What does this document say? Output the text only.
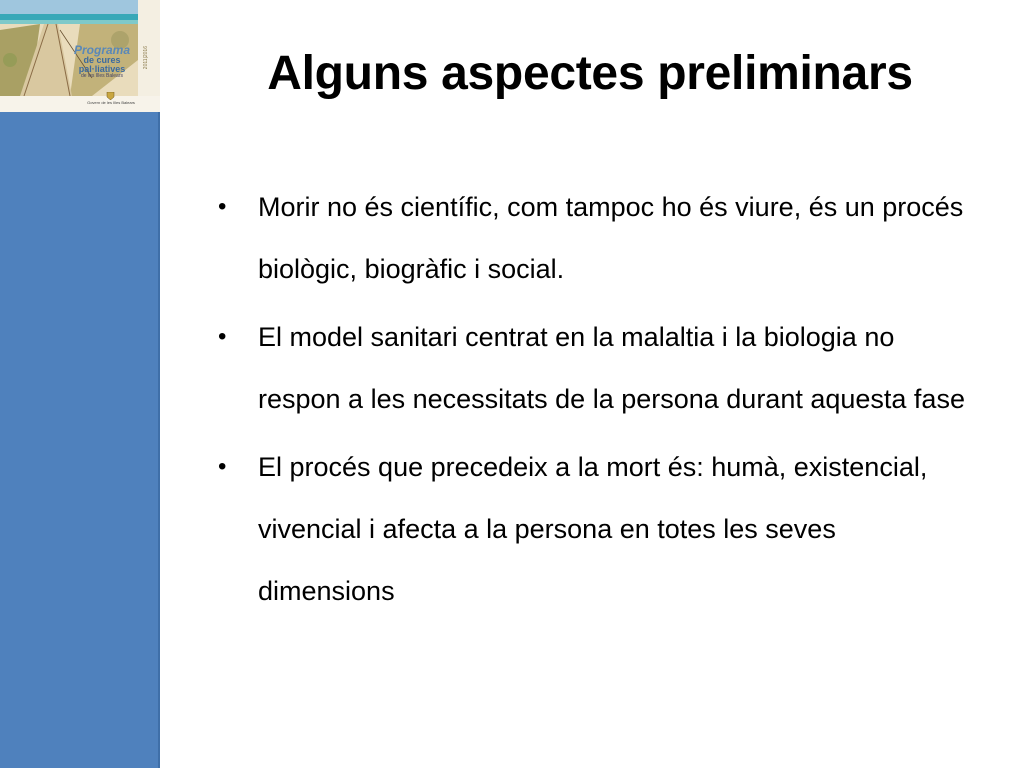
Programa
de cures pal·liatives
de les Illes Balears
2011|2016
Govern de les Illes Balears
Alguns aspectes preliminars
• Morir no és científic, com tampoc ho és viure, és un procés biològic, biogràfic i social.
• El model sanitari centrat en la malaltia i la biologia no respon a les necessitats de la persona durant aquesta fase
• El procés que precedeix a la mort és: humà, existencial, vivencial i afecta a la persona en totes les seves dimensions
